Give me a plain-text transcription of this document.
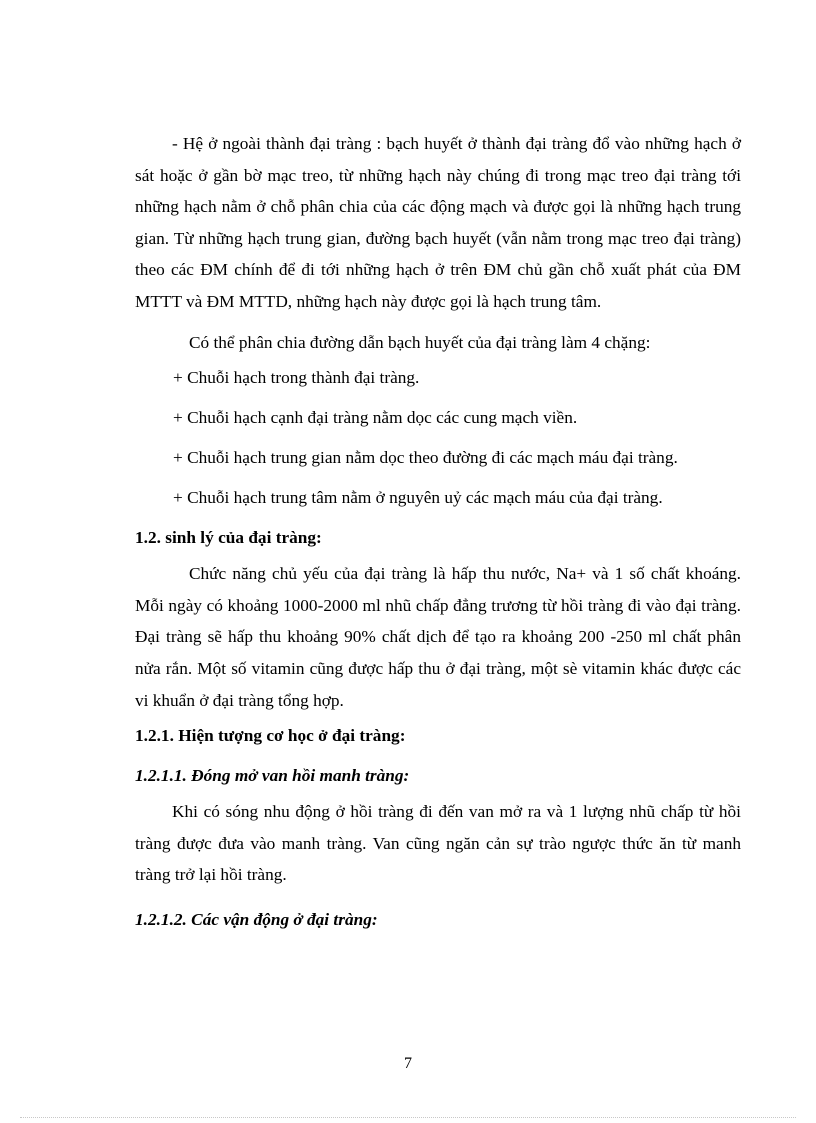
- Hệ ở ngoài thành đại tràng : bạch huyết ở thành đại tràng đổ vào những hạch ở sát hoặc ở gần bờ mạc treo, từ những hạch này chúng đi trong mạc treo đại tràng tới những hạch nằm ở chỗ phân chia của các động mạch và được gọi là những hạch trung gian. Từ những hạch trung gian, đường bạch huyết (vẫn nằm trong mạc treo đại tràng) theo các ĐM chính để đi tới những hạch ở trên ĐM chủ gần chỗ xuất phát của ĐM MTTT và ĐM MTTD, những hạch này được gọi là hạch trung tâm.

Có thể phân chia đường dẫn bạch huyết của đại tràng làm 4 chặng:

+ Chuỗi hạch trong thành đại tràng.

+ Chuỗi hạch cạnh đại tràng nằm dọc các cung mạch viền.

+ Chuỗi hạch trung gian nằm dọc theo đường đi các mạch máu đại tràng.

+ Chuỗi hạch trung tâm nằm ở nguyên uỷ các mạch máu của đại tràng.

1.2. sinh lý của đại tràng:

Chức năng chủ yếu của đại tràng là hấp thu nước, Na+ và 1 số chất khoáng. Mỗi ngày có khoảng 1000-2000 ml nhũ chấp đẳng trương từ hồi tràng đi vào đại tràng. Đại tràng sẽ hấp thu khoảng 90% chất dịch để tạo ra khoảng 200 -250 ml chất phân nửa rắn. Một số vitamin cũng được hấp thu ở đại tràng, một sè vitamin khác được các vi khuẩn ở đại tràng tổng hợp.

1.2.1. Hiện tượng cơ học ở đại tràng:

1.2.1.1. Đóng mở van hồi manh tràng:

Khi có sóng nhu động ở hồi tràng đi đến van mở ra và 1 lượng nhũ chấp từ hồi tràng được đưa vào manh tràng. Van cũng ngăn cản sự trào ngược thức ăn từ manh tràng trở lại hồi tràng.

1.2.1.2. Các vận động ở đại tràng:

7
